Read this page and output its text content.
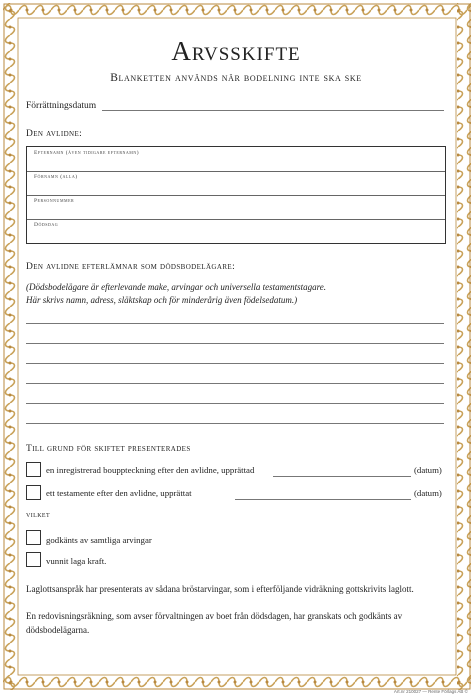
Arvsskifte
Blanketten används när bodelning inte ska ske
Förrättningsdatum
Den avlidne:
Efternamn (även tidigare efternamn)
Förnamn (alla)
Personnummer
Dödsdag
Den avlidne efterlämnar som dödsbodelägare:
(Dödsbodelägare är efterlevande make, arvingar och universella testamentstagare.
Här skrivs namn, adress, släktskap och för minderårig även födelsedatum.)
Till grund för skiftet presenterades
en inregistrerad bouppteckning efter den avlidne, upprättad	(datum)
ett testamente efter den avlidne, upprättat	(datum)
vilket
godkänts av samtliga arvingar
vunnit laga kraft.
Laglottsanspråk har presenterats av sådana bröstarvingar, som i efterföljande vidräkning gottskrivits laglott.
En redovisningsräkning, som avser förvaltningen av boet från dödsdagen, har granskats och godkänts av dödsbodelägarna.
Art.nr 210027 — Rente Förlags AB ©
